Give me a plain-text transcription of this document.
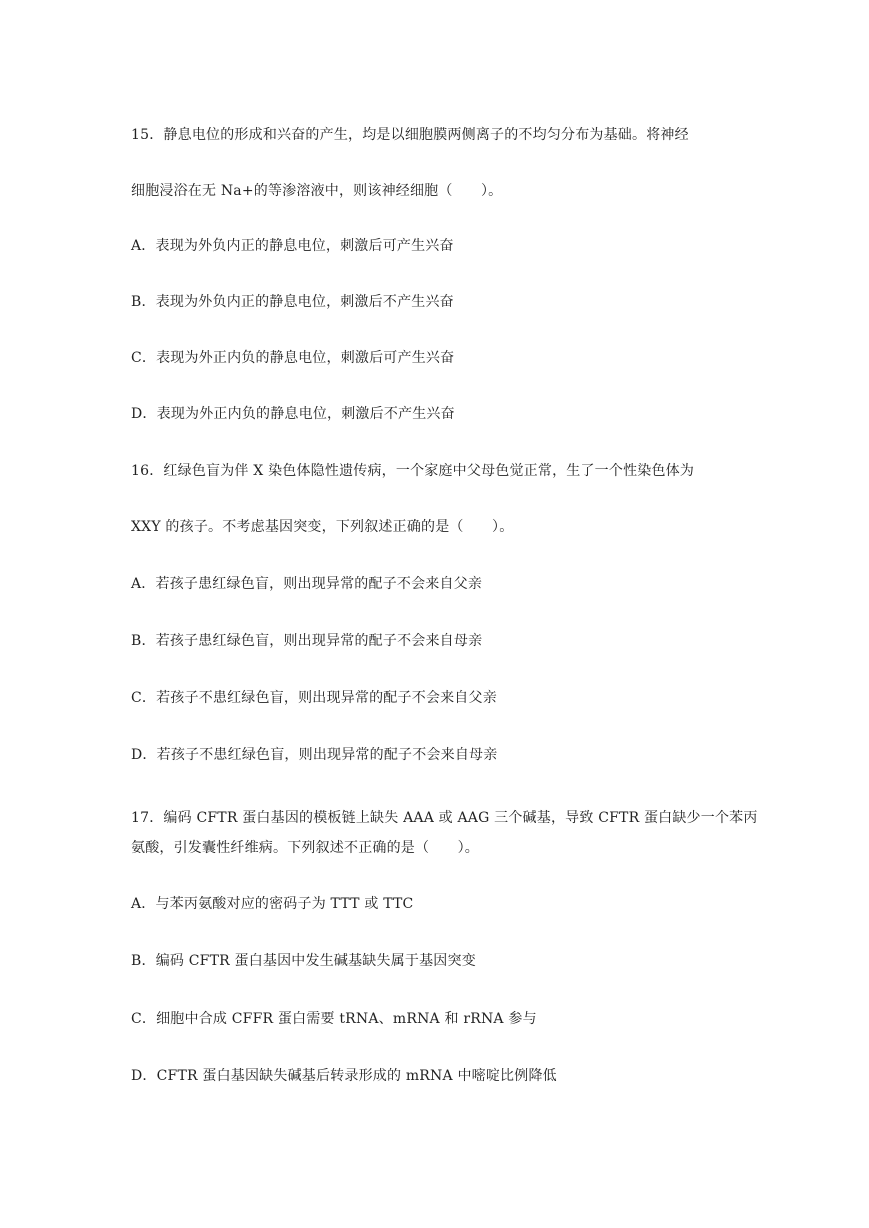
15．静息电位的形成和兴奋的产生，均是以细胞膜两侧离子的不均匀分布为基础。将神经
细胞浸浴在无 Na+的等渗溶液中，则该神经细胞（　　）。
A．表现为外负内正的静息电位，刺激后可产生兴奋
B．表现为外负内正的静息电位，刺激后不产生兴奋
C．表现为外正内负的静息电位，刺激后可产生兴奋
D．表现为外正内负的静息电位，刺激后不产生兴奋
16．红绿色盲为伴 X 染色体隐性遗传病，一个家庭中父母色觉正常，生了一个性染色体为
XXY 的孩子。不考虑基因突变，下列叙述正确的是（　　）。
A．若孩子患红绿色盲，则出现异常的配子不会来自父亲
B．若孩子患红绿色盲，则出现异常的配子不会来自母亲
C．若孩子不患红绿色盲，则出现异常的配子不会来自父亲
D．若孩子不患红绿色盲，则出现异常的配子不会来自母亲
17．编码 CFTR 蛋白基因的模板链上缺失 AAA 或 AAG 三个碱基，导致 CFTR 蛋白缺少一个苯丙
氨酸，引发囊性纤维病。下列叙述不正确的是（　　）。
A．与苯丙氨酸对应的密码子为 TTT 或 TTC
B．编码 CFTR 蛋白基因中发生碱基缺失属于基因突变
C．细胞中合成 CFFR 蛋白需要 tRNA、mRNA 和 rRNA 参与
D．CFTR 蛋白基因缺失碱基后转录形成的 mRNA 中嘧啶比例降低
